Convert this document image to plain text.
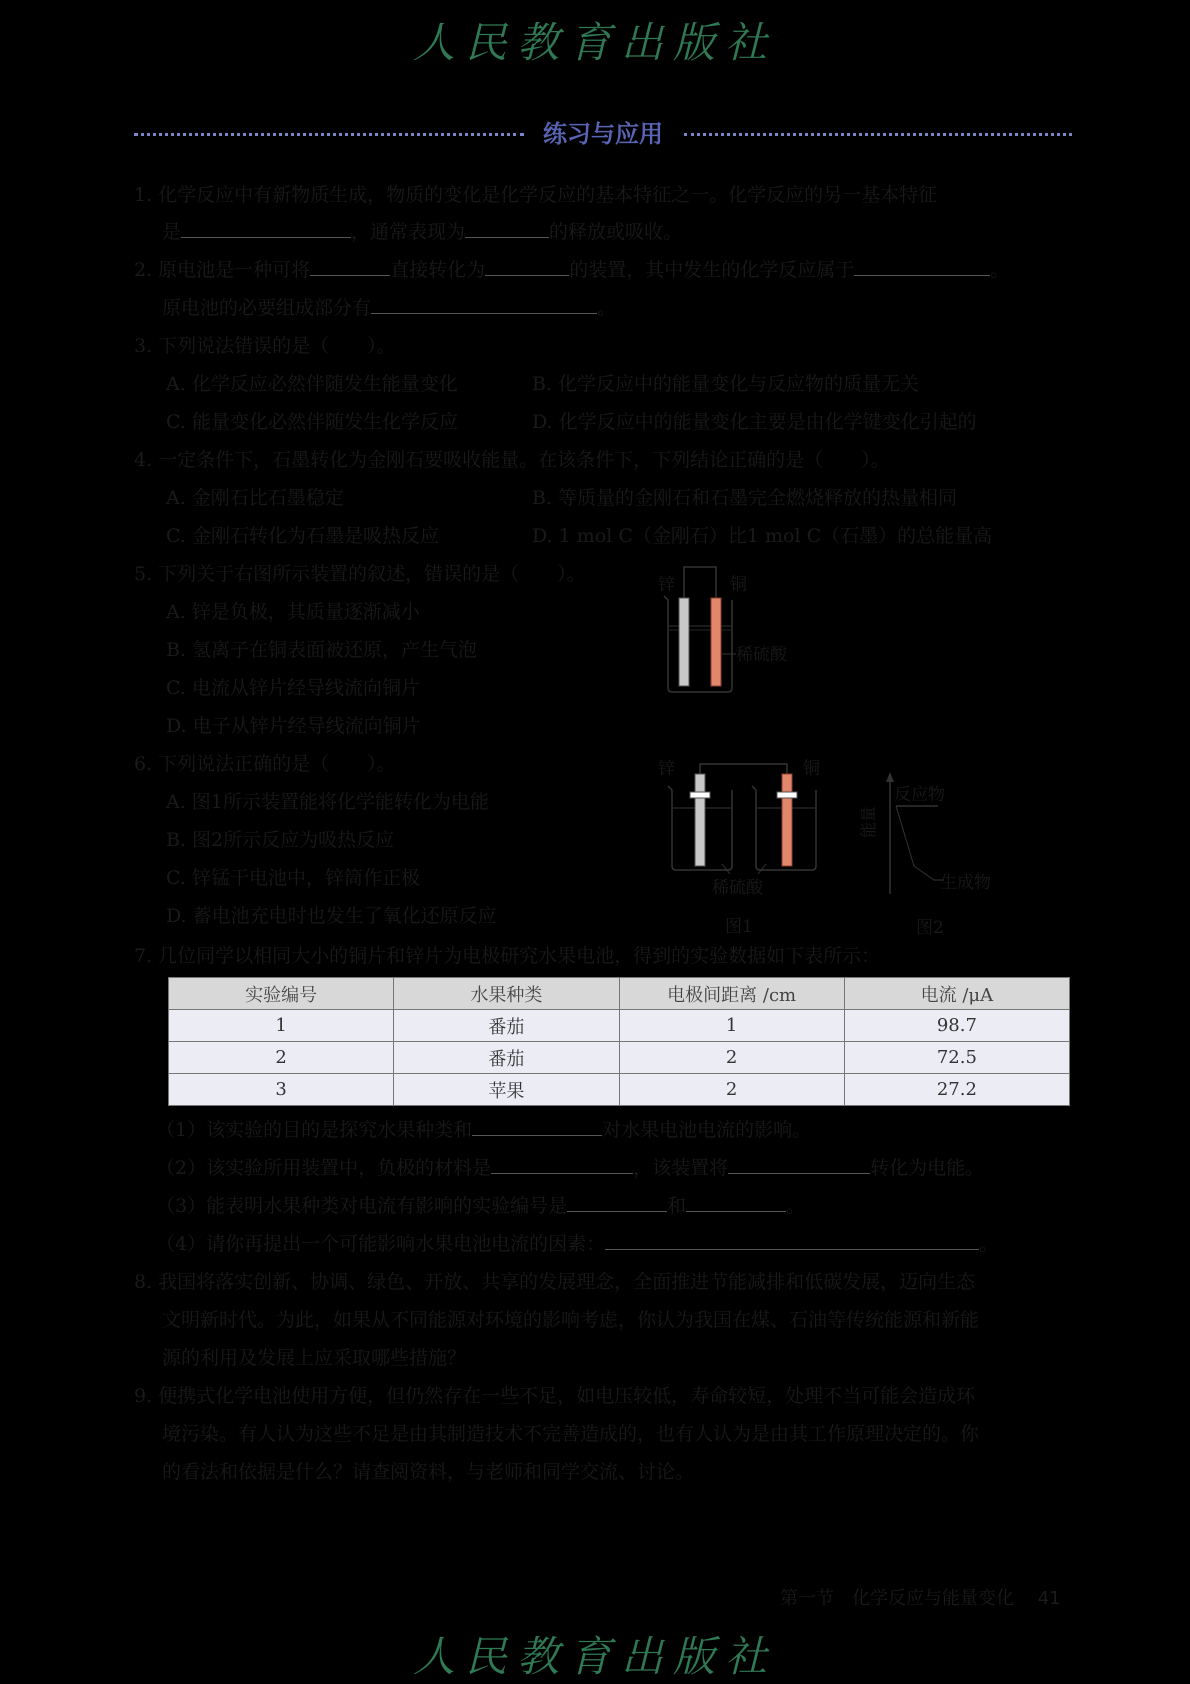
人民教育出版社
练习与应用
1. 化学反应中有新物质生成，物质的变化是化学反应的基本特征之一。化学反应的另一基本特征
是	，通常表现为	的释放或吸收。
2. 原电池是一种可将	直接转化为	的装置，其中发生的化学反应属于	。
原电池的必要组成部分有	。
3. 下列说法错误的是（　　）。
A. 化学反应必然伴随发生能量变化	B. 化学反应中的能量变化与反应物的质量无关
C. 能量变化必然伴随发生化学反应	D. 化学反应中的能量变化主要是由化学键变化引起的
4. 一定条件下，石墨转化为金刚石要吸收能量。在该条件下，下列结论正确的是（　　）。
A. 金刚石比石墨稳定	B. 等质量的金刚石和石墨完全燃烧释放的热量相同
C. 金刚石转化为石墨是吸热反应	D. 1 mol C（金刚石）比1 mol C（石墨）的总能量高
5. 下列关于右图所示装置的叙述，错误的是（　　）。
A. 锌是负极，其质量逐渐减小
B. 氢离子在铜表面被还原，产生气泡
C. 电流从锌片经导线流向铜片
D. 电子从锌片经导线流向铜片
锌	铜
稀硫酸
6. 下列说法正确的是（　　）。
A. 图1所示装置能将化学能转化为电能
B. 图2所示反应为吸热反应
C. 锌锰干电池中，锌筒作正极
D. 蓄电池充电时也发生了氧化还原反应
锌	铜
稀硫酸
图1
能量
反应物
生成物
图2
7. 几位同学以相同大小的铜片和锌片为电极研究水果电池，得到的实验数据如下表所示：
实验编号	水果种类	电极间距离 /cm	电流 /μA
1	番茄	1	98.7
2	番茄	2	72.5
3	苹果	2	27.2
（1）该实验的目的是探究水果种类和	对水果电池电流的影响。
（2）该实验所用装置中，负极的材料是	，该装置将	转化为电能。
（3）能表明水果种类对电流有影响的实验编号是	和	。
（4）请你再提出一个可能影响水果电池电流的因素：	。
8. 我国将落实创新、协调、绿色、开放、共享的发展理念，全面推进节能减排和低碳发展，迈向生态
文明新时代。为此，如果从不同能源对环境的影响考虑，你认为我国在煤、石油等传统能源和新能
源的利用及发展上应采取哪些措施？
9. 便携式化学电池使用方便，但仍然存在一些不足，如电压较低，寿命较短，处理不当可能会造成环
境污染。有人认为这些不足是由其制造技术不完善造成的，也有人认为是由其工作原理决定的。你
的看法和依据是什么？请查阅资料，与老师和同学交流、讨论。
第一节　化学反应与能量变化 41
人民教育出版社
